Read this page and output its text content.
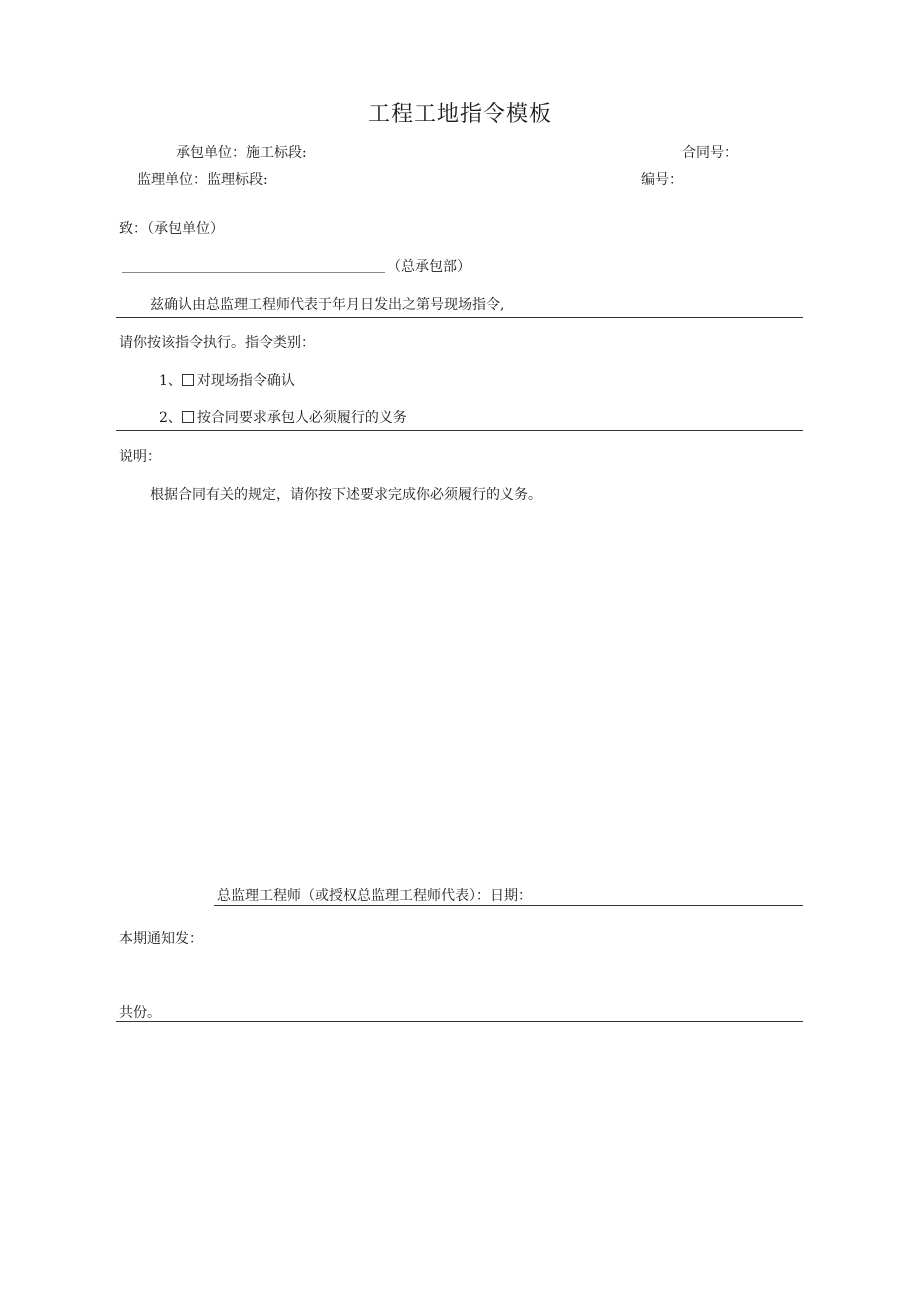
工程工地指令模板
承包单位：施工标段:	合同号：
监理单位：监理标段:	编号：
致：（承包单位）
（总承包部）
兹确认由总监理工程师代表于年月日发出之第号现场指令,
请你按该指令执行。指令类别：
1、 对现场指令确认
2、 按合同要求承包人必须履行的义务
说明：
根据合同有关的规定，请你按下述要求完成你必须履行的义务。
总监理工程师（或授权总监理工程师代表）：日期：
本期通知发：
共份。
